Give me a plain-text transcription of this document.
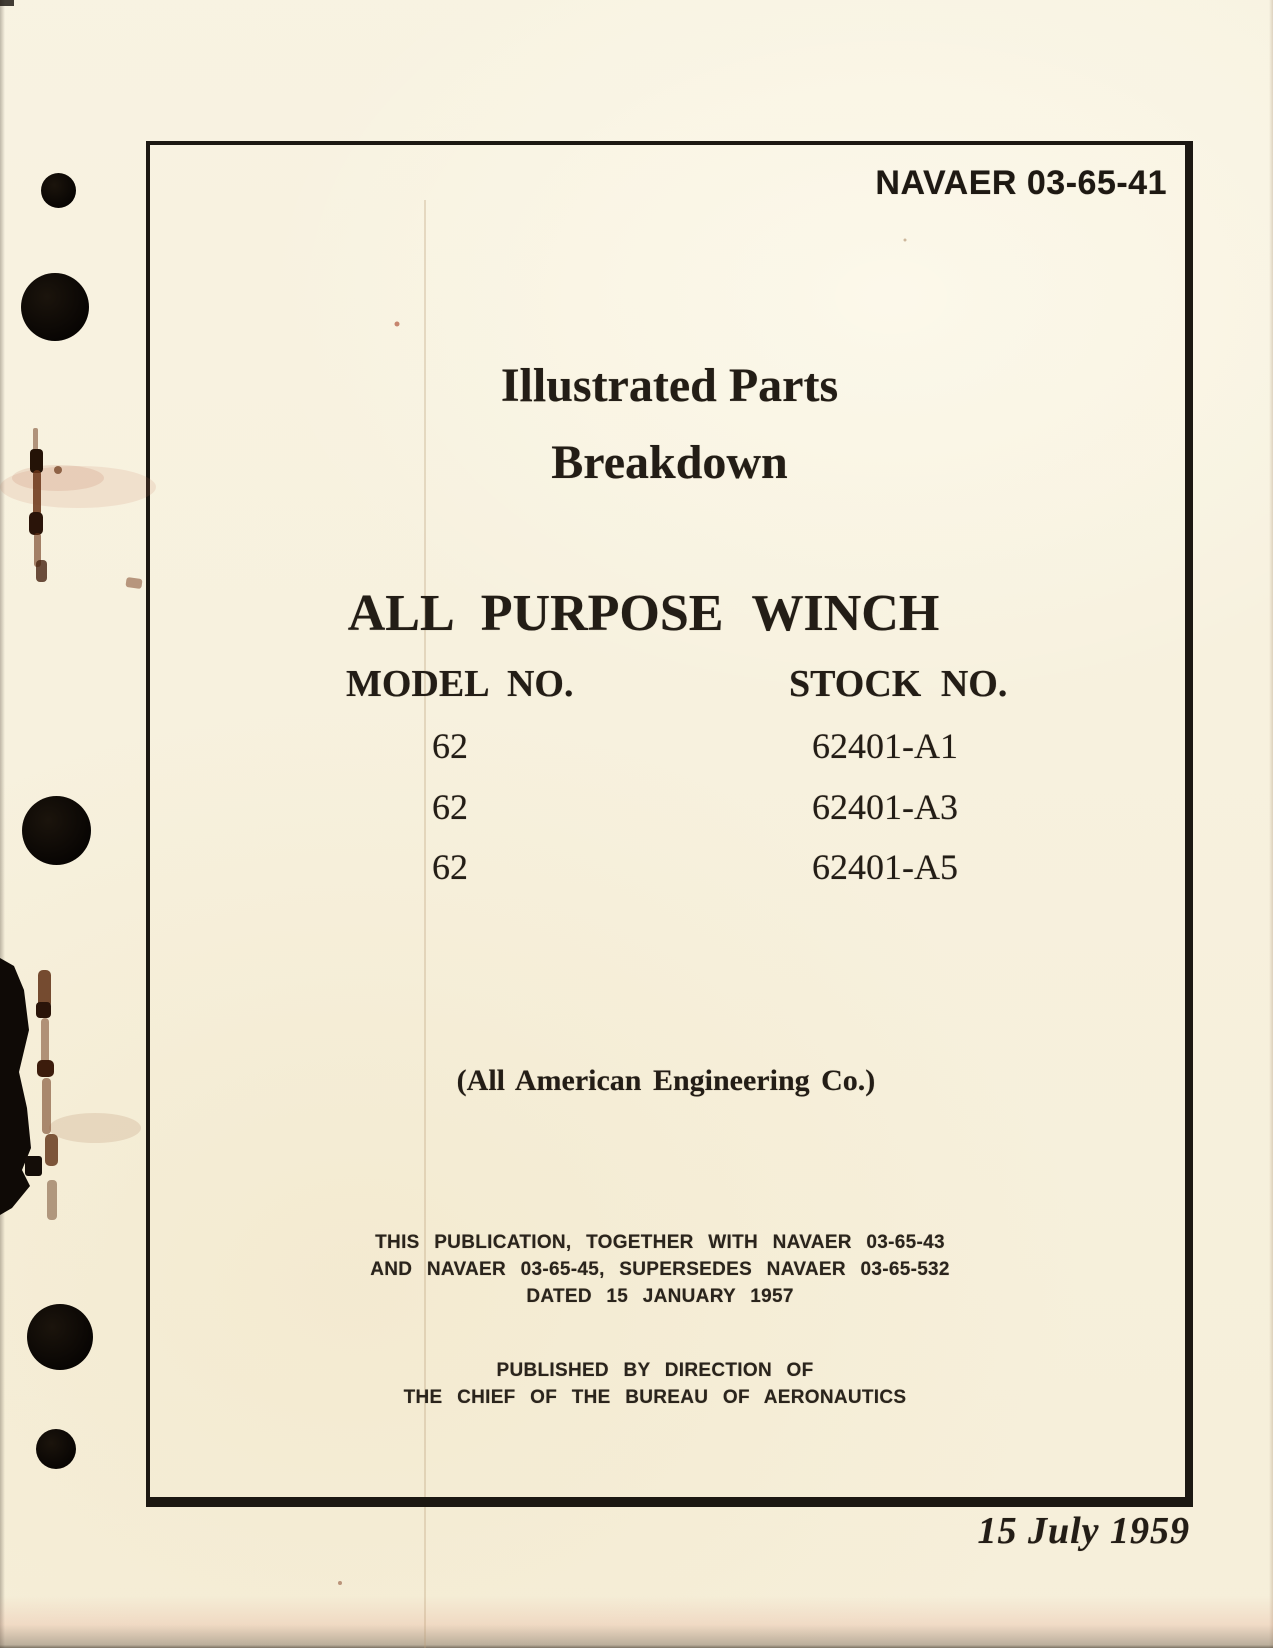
NAVAER 03-65-41
Illustrated Parts
Breakdown
ALL PURPOSE WINCH
MODEL NO.	STOCK NO.
62	62401-A1
62	62401-A3
62	62401-A5
(All American Engineering Co.)
THIS PUBLICATION, TOGETHER WITH NAVAER 03-65-43
AND NAVAER 03-65-45, SUPERSEDES NAVAER 03-65-532
DATED 15 JANUARY 1957
PUBLISHED BY DIRECTION OF
THE CHIEF OF THE BUREAU OF AERONAUTICS
15 July 1959
